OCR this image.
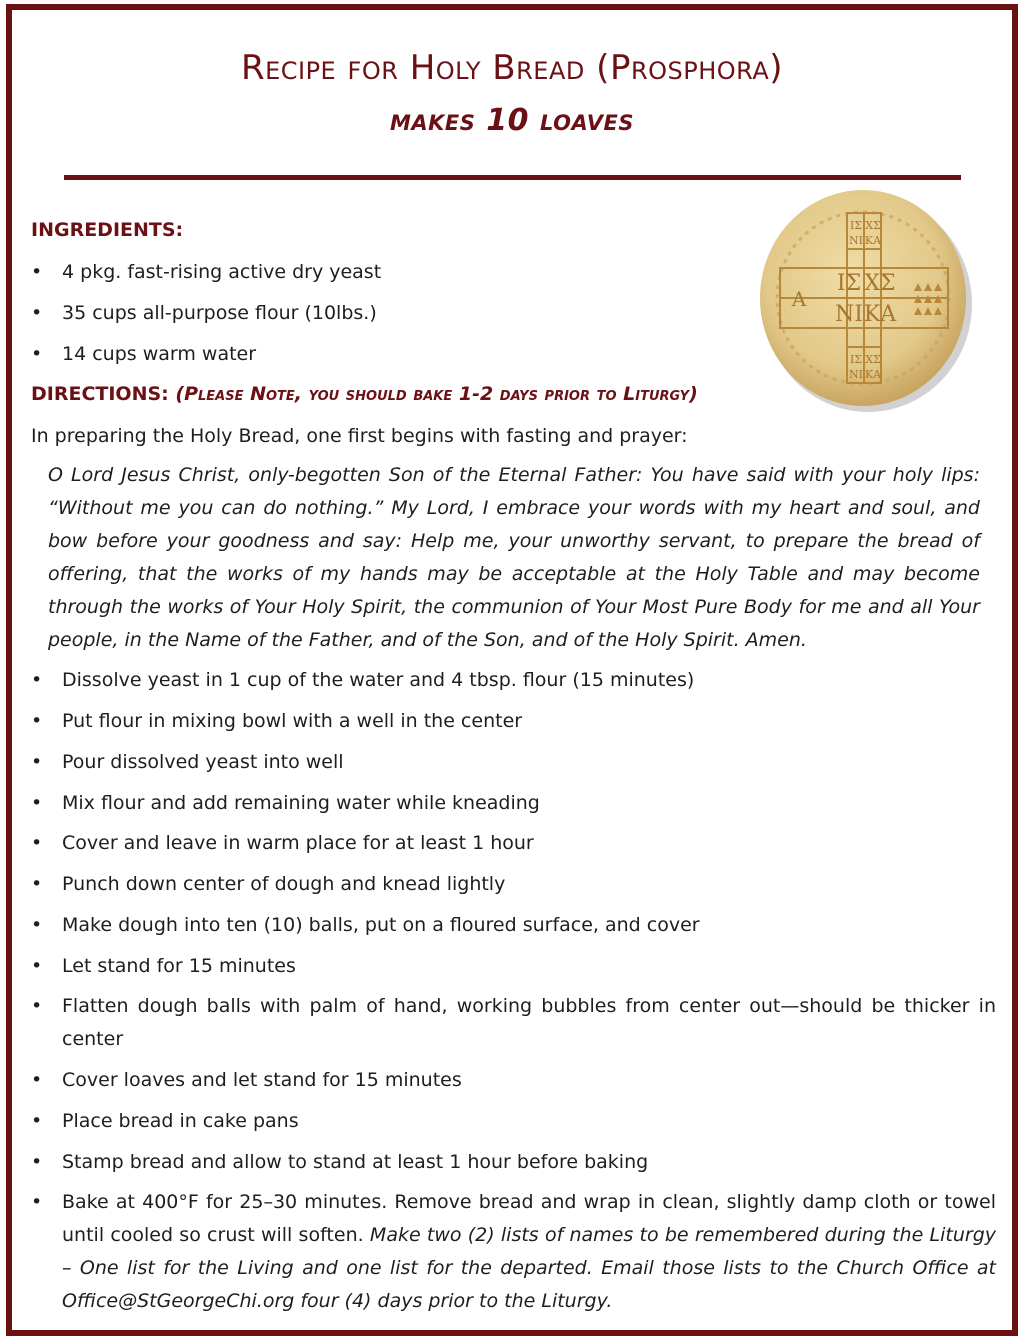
Recipe for Holy Bread (Prosphora)
makes 10 loaves
ΙΣ ΧΣ
ΝΙ ΚΑ
ΙΣ ΧΣ
ΝΙ ΚΑ
ΙΣ ΧΣ
ΝΙ ΚΑ
Α
INGREDIENTS:
•	4 pkg. fast-rising active dry yeast
•	35 cups all-purpose flour (10lbs.)
•	14 cups warm water
DIRECTIONS: (Please Note, you should bake 1-2 days prior to Liturgy)
In preparing the Holy Bread, one first begins with fasting and prayer:
O Lord Jesus Christ, only-begotten Son of the Eternal Father: You have said with your holy lips: “Without me you can do nothing.” My Lord, I embrace your words with my heart and soul, and bow before your goodness and say: Help me, your unworthy servant, to prepare the bread of offering, that the works of my hands may be acceptable at the Holy Table and may become through the works of Your Holy Spirit, the communion of Your Most Pure Body for me and all Your people, in the Name of the Father, and of the Son, and of the Holy Spirit. Amen.
•	Dissolve yeast in 1 cup of the water and 4 tbsp. flour (15 minutes)
•	Put flour in mixing bowl with a well in the center
•	Pour dissolved yeast into well
•	Mix flour and add remaining water while kneading
•	Cover and leave in warm place for at least 1 hour
•	Punch down center of dough and knead lightly
•	Make dough into ten (10) balls, put on a floured surface, and cover
•	Let stand for 15 minutes
•	Flatten dough balls with palm of hand, working bubbles from center out—should be thicker in center
•	Cover loaves and let stand for 15 minutes
•	Place bread in cake pans
•	Stamp bread and allow to stand at least 1 hour before baking
•	Bake at 400°F for 25–30 minutes. Remove bread and wrap in clean, slightly damp cloth or towel until cooled so crust will soften. Make two (2) lists of names to be remembered during the Liturgy – One list for the Living and one list for the departed. Email those lists to the Church Office at Office@StGeorgeChi.org four (4) days prior to the Liturgy.
